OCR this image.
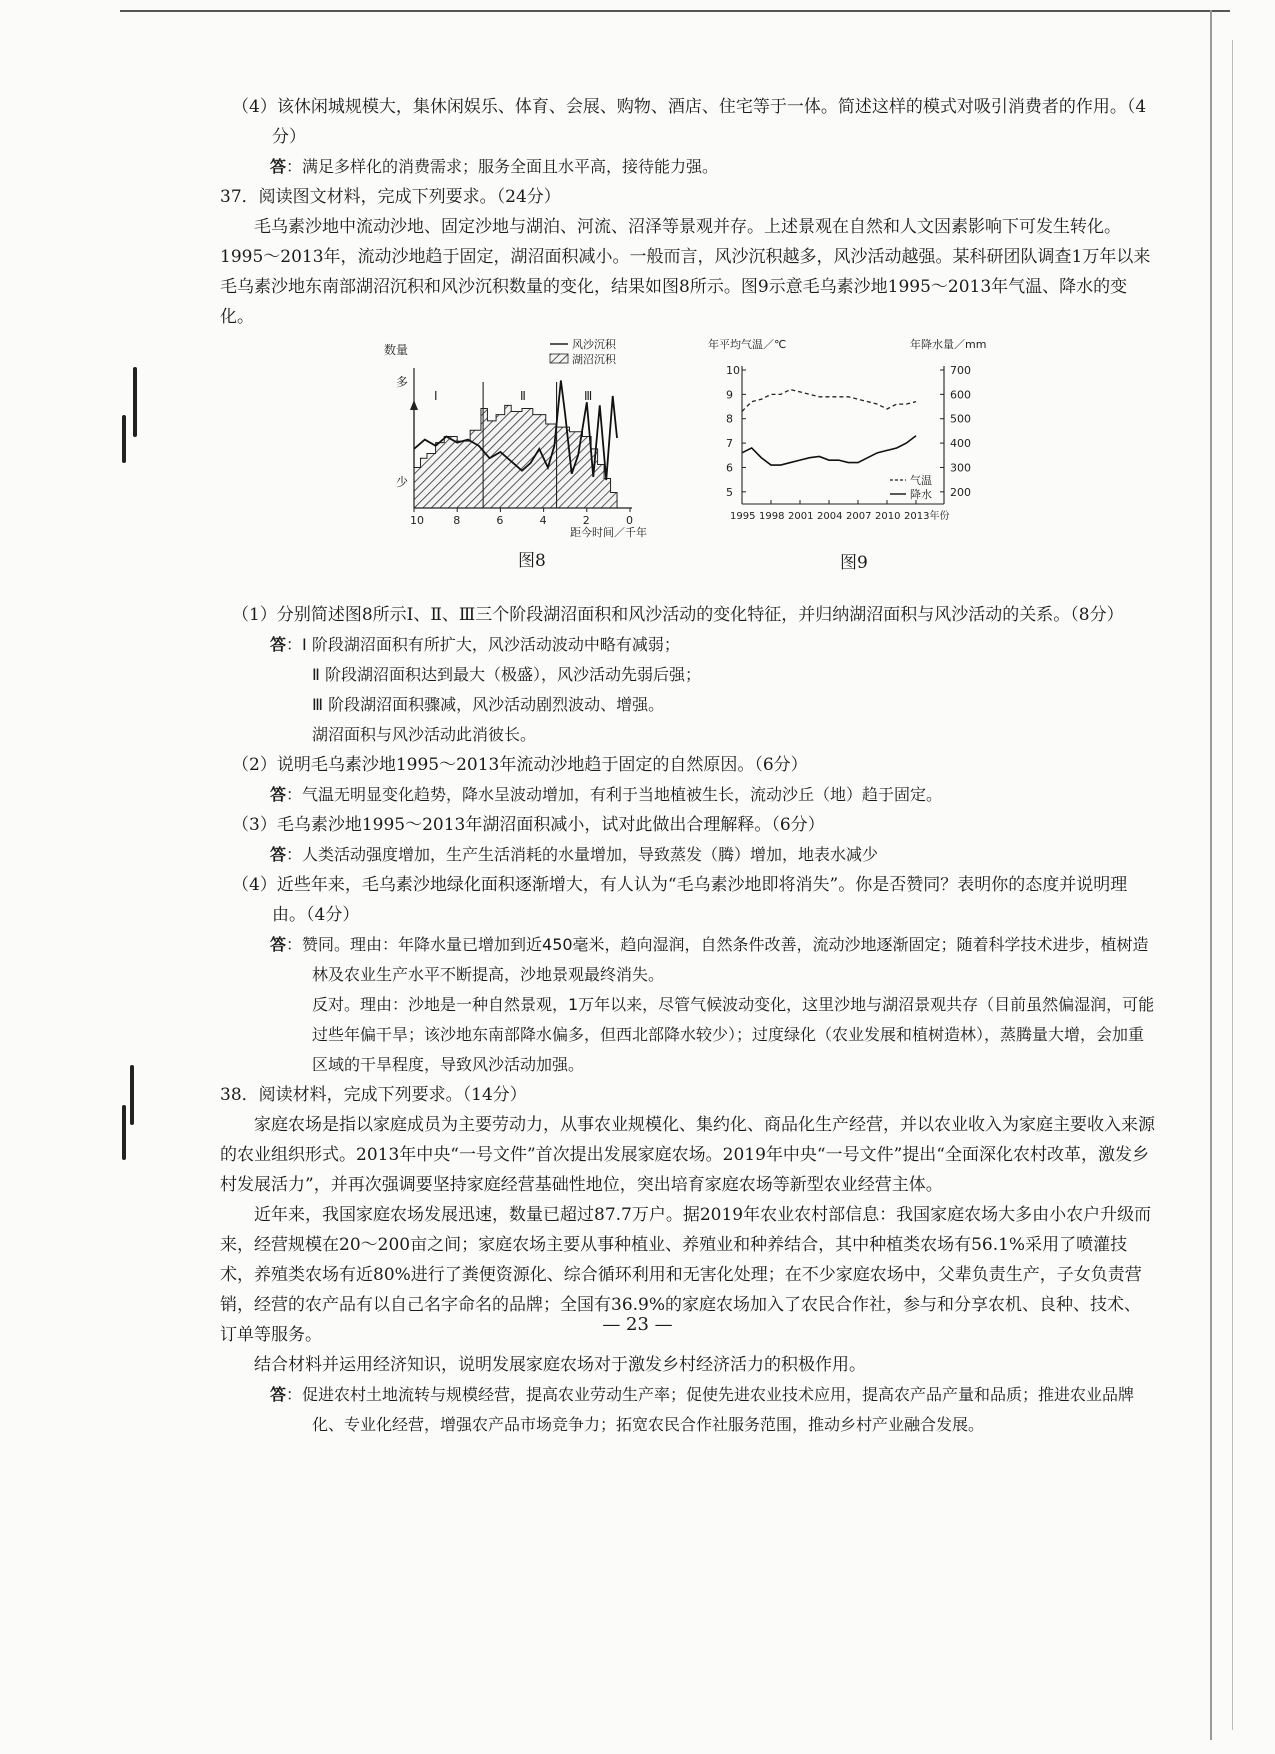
（4）该休闲城规模大，集休闲娱乐、体育、会展、购物、酒店、住宅等于一体。简述这样的模式对吸引消费者的作用。（4分）

答：满足多样化的消费需求；服务全面且水平高，接待能力强。

37．阅读图文材料，完成下列要求。（24分）

毛乌素沙地中流动沙地、固定沙地与湖泊、河流、沼泽等景观并存。上述景观在自然和人文因素影响下可发生转化。1995～2013年，流动沙地趋于固定，湖沼面积减小。一般而言，风沙沉积越多，风沙活动越强。某科研团队调查1万年以来毛乌素沙地东南部湖沼沉积和风沙沉积数量的变化，结果如图8所示。图9示意毛乌素沙地1995～2013年气温、降水的变化。

数量
多
少
Ⅰ	Ⅱ	Ⅲ
风沙沉积
湖沼沉积
10	8	6	4	2	0
距今时间／千年
图8
年平均气温／℃	年降水量／mm
10
9
8
7
6
5
700
600
500
400
300
200
1995 1998 2001 2004 2007 2010 2013年份
气温
降水
图9

（1）分别简述图8所示Ⅰ、Ⅱ、Ⅲ三个阶段湖沼面积和风沙活动的变化特征，并归纳湖沼面积与风沙活动的关系。（8分）

答：Ⅰ 阶段湖沼面积有所扩大，风沙活动波动中略有减弱；

Ⅱ 阶段湖沼面积达到最大（极盛），风沙活动先弱后强；

Ⅲ 阶段湖沼面积骤减，风沙活动剧烈波动、增强。

湖沼面积与风沙活动此消彼长。

（2）说明毛乌素沙地1995～2013年流动沙地趋于固定的自然原因。（6分）

答：气温无明显变化趋势，降水呈波动增加，有利于当地植被生长，流动沙丘（地）趋于固定。

（3）毛乌素沙地1995～2013年湖沼面积减小，试对此做出合理解释。（6分）

答：人类活动强度增加，生产生活消耗的水量增加，导致蒸发（腾）增加，地表水减少

（4）近些年来，毛乌素沙地绿化面积逐渐增大，有人认为“毛乌素沙地即将消失”。你是否赞同？表明你的态度并说明理由。（4分）

答：赞同。理由：年降水量已增加到近450毫米，趋向湿润，自然条件改善，流动沙地逐渐固定；随着科学技术进步，植树造林及农业生产水平不断提高，沙地景观最终消失。

反对。理由：沙地是一种自然景观，1万年以来，尽管气候波动变化，这里沙地与湖沼景观共存（目前虽然偏湿润，可能过些年偏干旱；该沙地东南部降水偏多，但西北部降水较少）；过度绿化（农业发展和植树造林），蒸腾量大增，会加重区域的干旱程度，导致风沙活动加强。

38．阅读材料，完成下列要求。（14分）

家庭农场是指以家庭成员为主要劳动力，从事农业规模化、集约化、商品化生产经营，并以农业收入为家庭主要收入来源的农业组织形式。2013年中央“一号文件”首次提出发展家庭农场。2019年中央“一号文件”提出“全面深化农村改革，激发乡村发展活力”，并再次强调要坚持家庭经营基础性地位，突出培育家庭农场等新型农业经营主体。

近年来，我国家庭农场发展迅速，数量已超过87.7万户。据2019年农业农村部信息：我国家庭农场大多由小农户升级而来，经营规模在20～200亩之间；家庭农场主要从事种植业、养殖业和种养结合，其中种植类农场有56.1%采用了喷灌技术，养殖类农场有近80%进行了粪便资源化、综合循环利用和无害化处理；在不少家庭农场中，父辈负责生产，子女负责营销，经营的农产品有以自己名字命名的品牌；全国有36.9%的家庭农场加入了农民合作社，参与和分享农机、良种、技术、订单等服务。

结合材料并运用经济知识，说明发展家庭农场对于激发乡村经济活力的积极作用。

答：促进农村土地流转与规模经营，提高农业劳动生产率；促使先进农业技术应用，提高农产品产量和品质；推进农业品牌化、专业化经营，增强农产品市场竞争力；拓宽农民合作社服务范围，推动乡村产业融合发展。

— 23 —
